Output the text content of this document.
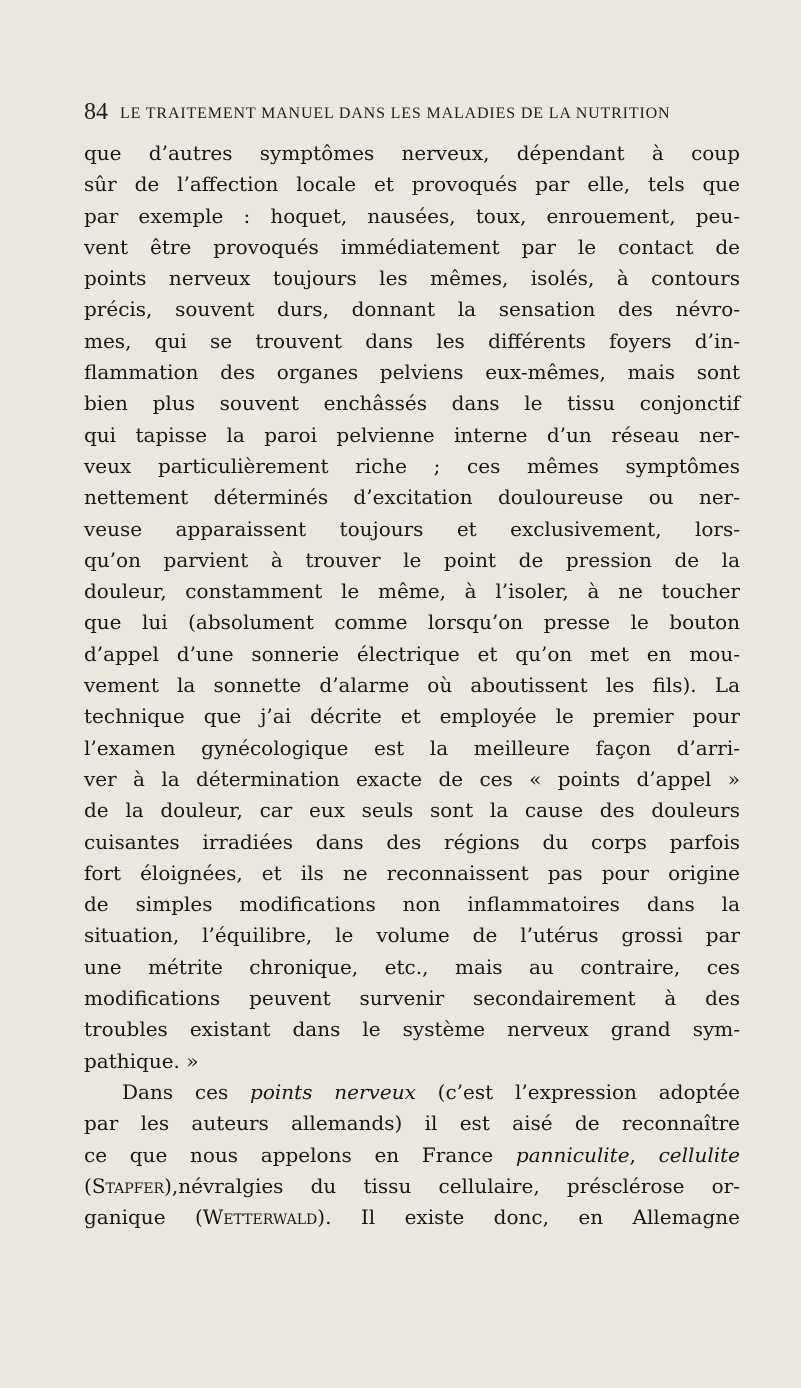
84 LE TRAITEMENT MANUEL DANS LES MALADIES DE LA NUTRITION
que d’autres symptômes nerveux, dépendant à coup
sûr de l’affection locale et provoqués par elle, tels que
par exemple : hoquet, nausées, toux, enrouement, peu-
vent être provoqués immédiatement par le contact de
points nerveux toujours les mêmes, isolés, à contours
précis, souvent durs, donnant la sensation des névro-
mes, qui se trouvent dans les différents foyers d’in-
flammation des organes pelviens eux-mêmes, mais sont
bien plus souvent enchâssés dans le tissu conjonctif
qui tapisse la paroi pelvienne interne d’un réseau ner-
veux particulièrement riche ; ces mêmes symptômes
nettement déterminés d’excitation douloureuse ou ner-
veuse apparaissent toujours et exclusivement, lors-
qu’on parvient à trouver le point de pression de la
douleur, constamment le même, à l’isoler, à ne toucher
que lui (absolument comme lorsqu’on presse le bouton
d’appel d’une sonnerie électrique et qu’on met en mou-
vement la sonnette d’alarme où aboutissent les fils). La
technique que j’ai décrite et employée le premier pour
l’examen gynécologique est la meilleure façon d’arri-
ver à la détermination exacte de ces « points d’appel »
de la douleur, car eux seuls sont la cause des douleurs
cuisantes irradiées dans des régions du corps parfois
fort éloignées, et ils ne reconnaissent pas pour origine
de simples modifications non inflammatoires dans la
situation, l’équilibre, le volume de l’utérus grossi par
une métrite chronique, etc., mais au contraire, ces
modifications peuvent survenir secondairement à des
troubles existant dans le système nerveux grand sym-
pathique. »
Dans ces points nerveux (c’est l’expression adoptée
par les auteurs allemands) il est aisé de reconnaître
ce que nous appelons en France panniculite, cellulite
(Stapfer),névralgies du tissu cellulaire, présclérose or-
ganique (Wetterwald). Il existe donc, en Allemagne
